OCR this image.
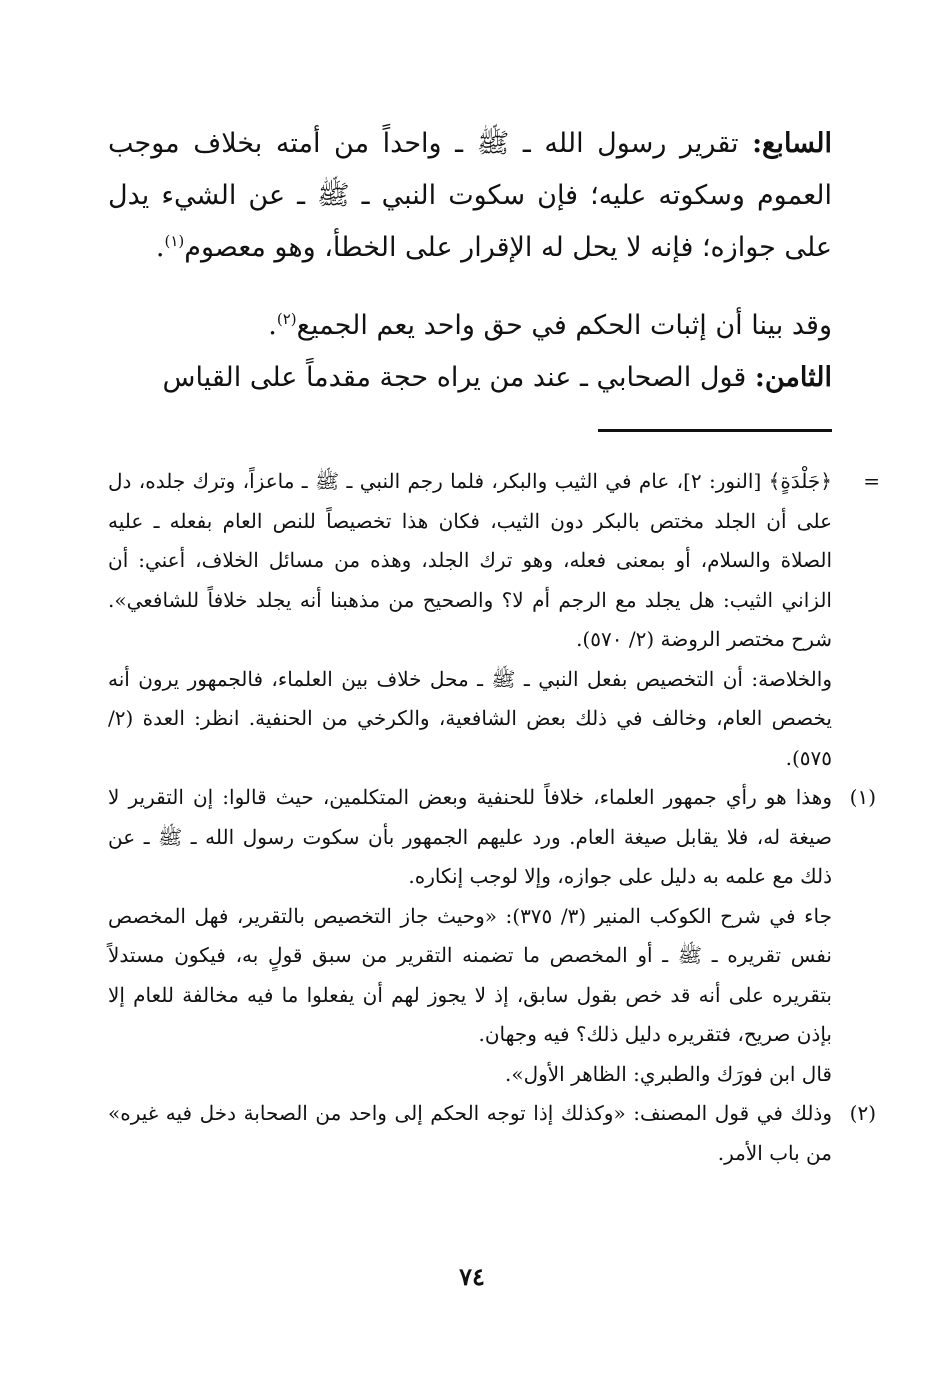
السابع: تقرير رسول الله ـ ﷺ ـ واحداً من أمته بخلاف موجب العموم وسكوته عليه؛ فإن سكوت النبي ـ ﷺ ـ عن الشيء يدل على جوازه؛ فإنه لا يحل له الإقرار على الخطأ، وهو معصوم$^{(١)}$.

وقد بينا أن إثبات الحكم في حق واحد يعم الجميع$^{(٢)}$.

الثامن: قول الصحابي ـ عند من يراه حجة مقدماً على القياس

=
﴿جَلْدَةٍ﴾ [النور: ٢]، عام في الثيب والبكر، فلما رجم النبي ـ ﷺ ـ ماعزاً، وترك جلده، دل على أن الجلد مختص بالبكر دون الثيب، فكان هذا تخصيصاً للنص العام بفعله ـ عليه الصلاة والسلام، أو بمعنى فعله، وهو ترك الجلد، وهذه من مسائل الخلاف، أعني: أن الزاني الثيب: هل يجلد مع الرجم أم لا؟ والصحيح من مذهبنا أنه يجلد خلافاً للشافعي». شرح مختصر الروضة (٢/ ٥٧٠).

والخلاصة: أن التخصيص بفعل النبي ـ ﷺ ـ محل خلاف بين العلماء، فالجمهور يرون أنه يخصص العام، وخالف في ذلك بعض الشافعية، والكرخي من الحنفية. انظر: العدة (٢/ ٥٧٥).

(١)
وهذا هو رأي جمهور العلماء، خلافاً للحنفية وبعض المتكلمين، حيث قالوا: إن التقرير لا صيغة له، فلا يقابل صيغة العام. ورد عليهم الجمهور بأن سكوت رسول الله ـ ﷺ ـ عن ذلك مع علمه به دليل على جوازه، وإلا لوجب إنكاره.

جاء في شرح الكوكب المنير (٣/ ٣٧٥): «وحيث جاز التخصيص بالتقرير، فهل المخصص نفس تقريره ـ ﷺ ـ أو المخصص ما تضمنه التقرير من سبق قولٍ به، فيكون مستدلاً بتقريره على أنه قد خص بقول سابق، إذ لا يجوز لهم أن يفعلوا ما فيه مخالفة للعام إلا بإذن صريح، فتقريره دليل ذلك؟ فيه وجهان.

قال ابن فورَك والطبري: الظاهر الأول».

(٢)
وذلك في قول المصنف: «وكذلك إذا توجه الحكم إلى واحد من الصحابة دخل فيه غيره» من باب الأمر.

٧٤
